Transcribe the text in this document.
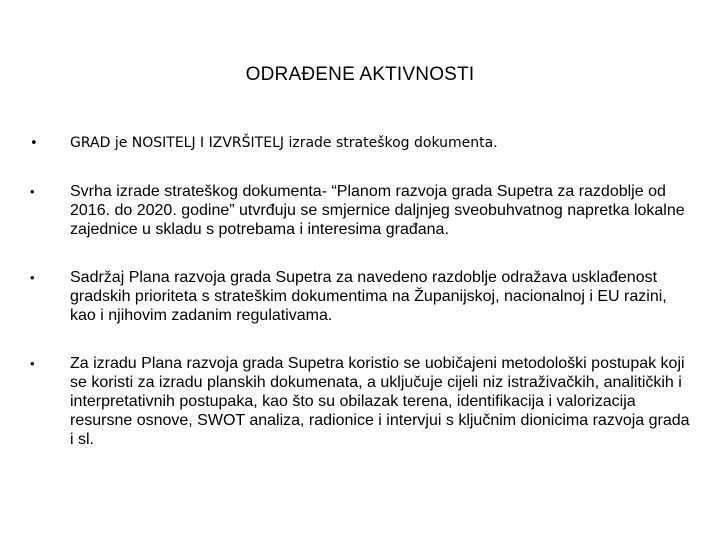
ODRAĐENE AKTIVNOSTI
• GRAD je NOSITELJ I IZVRŠITELJ izrade strateškog dokumenta.
• Svrha izrade strateškog dokumenta- “Planom razvoja grada Supetra za razdoblje od 2016. do 2020. godine” utvrđuju se smjernice daljnjeg sveobuhvatnog napretka lokalne zajednice u skladu s potrebama i interesima građana.
• Sadržaj Plana razvoja grada Supetra za navedeno razdoblje odražava usklađenost gradskih prioriteta s strateškim dokumentima na Županijskoj, nacionalnoj i EU razini, kao i njihovim zadanim regulativama.
• Za izradu Plana razvoja grada Supetra koristio se uobičajeni metodološki postupak koji se koristi za izradu planskih dokumenata, a uključuje cijeli niz istraživačkih, analitičkih i interpretativnih postupaka, kao što su obilazak terena, identifikacija i valorizacija resursne osnove, SWOT analiza, radionice i intervjui s ključnim dionicima razvoja grada i sl.
